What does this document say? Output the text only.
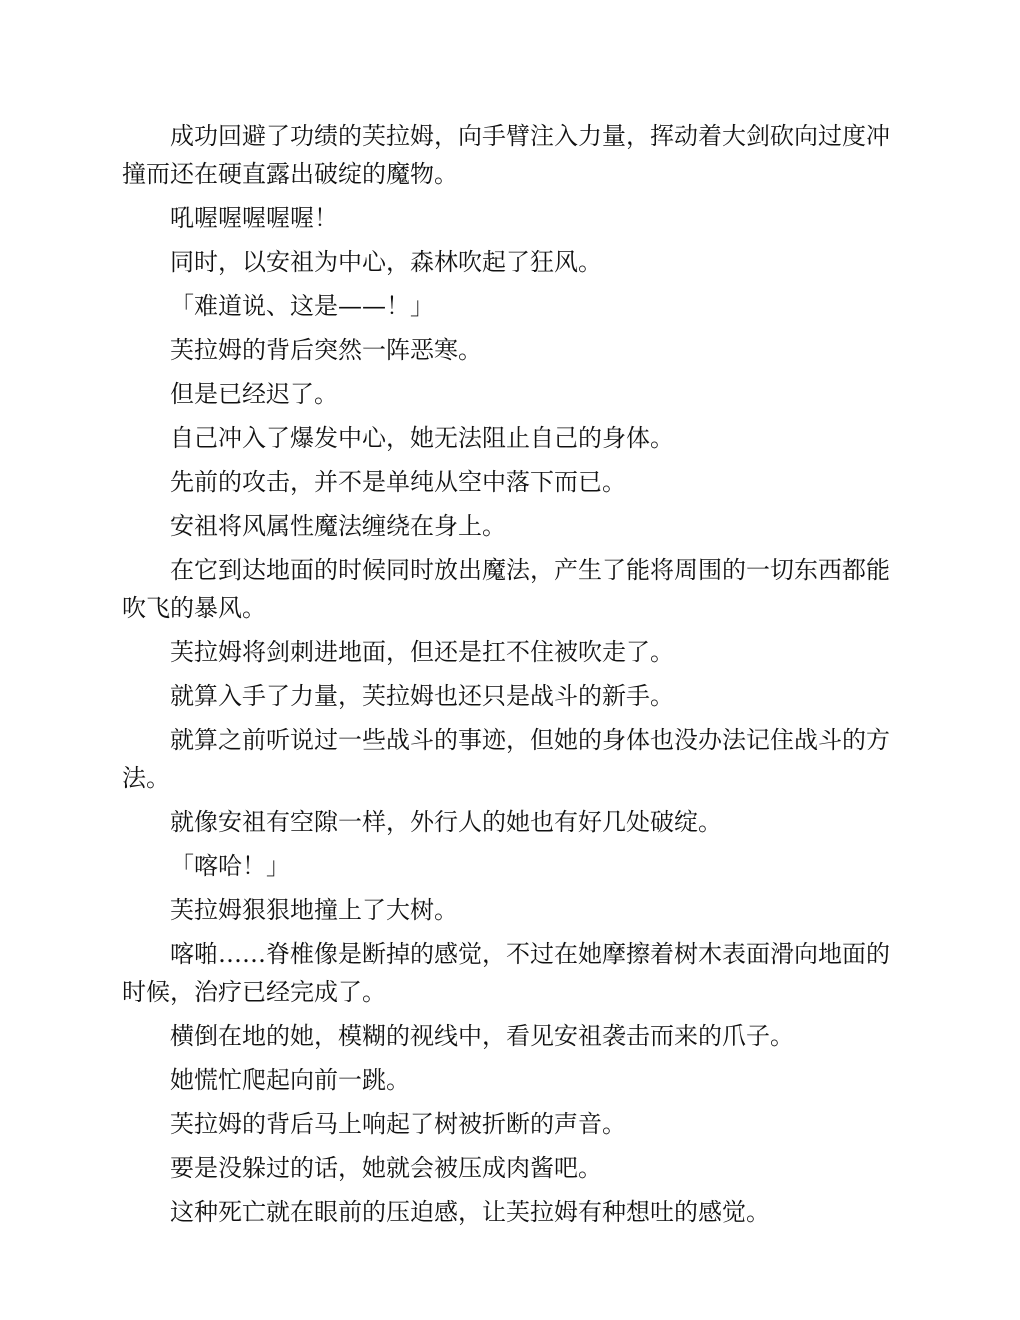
成功回避了功绩的芙拉姆，向手臂注入力量，挥动着大剑砍向过度冲撞而还在硬直露出破绽的魔物。

吼喔喔喔喔喔！

同时，以安祖为中心，森林吹起了狂风。

「难道说、这是——！」

芙拉姆的背后突然一阵恶寒。

但是已经迟了。

自己冲入了爆发中心，她无法阻止自己的身体。

先前的攻击，并不是单纯从空中落下而已。

安祖将风属性魔法缠绕在身上。

在它到达地面的时候同时放出魔法，产生了能将周围的一切东西都能吹飞的暴风。

芙拉姆将剑刺进地面，但还是扛不住被吹走了。

就算入手了力量，芙拉姆也还只是战斗的新手。

就算之前听说过一些战斗的事迹，但她的身体也没办法记住战斗的方法。

就像安祖有空隙一样，外行人的她也有好几处破绽。

「喀哈！」

芙拉姆狠狠地撞上了大树。

喀啪……脊椎像是断掉的感觉，不过在她摩擦着树木表面滑向地面的时候，治疗已经完成了。

横倒在地的她，模糊的视线中，看见安祖袭击而来的爪子。

她慌忙爬起向前一跳。

芙拉姆的背后马上响起了树被折断的声音。

要是没躲过的话，她就会被压成肉酱吧。

这种死亡就在眼前的压迫感，让芙拉姆有种想吐的感觉。
